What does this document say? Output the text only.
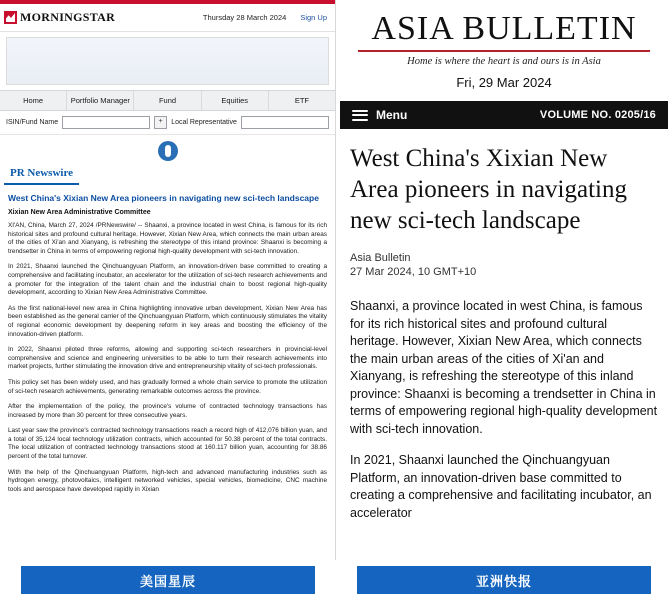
MORNINGSTAR	Thursday 28 March 2024 Sign Up
Home	Portfolio Manager	Fund	Equities	ETF
ISIN/Fund Name	+	Local Representative
PR Newswire
West China's Xixian New Area pioneers in navigating new sci-tech landscape
Xixian New Area Administrative Committee

XI'AN, China, March 27, 2024 /PRNewswire/ -- Shaanxi, a province located in west China, is famous for its rich historical sites and profound cultural heritage. However, Xixian New Area, which connects the main urban areas of the cities of Xi'an and Xianyang, is refreshing the stereotype of this inland province: Shaanxi is becoming a trendsetter in China in terms of empowering regional high-quality development with sci-tech innovation.

In 2021, Shaanxi launched the Qinchuangyuan Platform, an innovation-driven base committed to creating a comprehensive and facilitating incubator, an accelerator for the utilization of sci-tech research achievements and a promoter for the integration of the talent chain and the industrial chain to boost regional high-quality development, according to Xixian New Area Administrative Committee.

As the first national-level new area in China highlighting innovative urban development, Xixian New Area has been established as the general carrier of the Qinchuangyuan Platform, which continuously stimulates the vitality of regional economic development by deepening reform in key areas and boosting the efficiency of the innovation-driven platform.

In 2022, Shaanxi piloted three reforms, allowing and supporting sci-tech researchers in provincial-level comprehensive and science and engineering universities to be able to turn their research achievements into market projects, further stimulating the innovation drive and entrepreneurship vitality of sci-tech professionals.

This policy set has been widely used, and has gradually formed a whole chain service to promote the utilization of sci-tech research achievements, generating remarkable outcomes across the province.

After the implementation of the policy, the province's volume of contracted technology transactions has increased by more than 30 percent for three consecutive years.

Last year saw the province's contracted technology transactions reach a record high of 412,076 billion yuan, and a total of 35,124 local technology utilization contracts, which accounted for 50.38 percent of the total contracts. The local utilization of contracted technology transactions stood at 160.117 billion yuan, accounting for 38.86 percent of the total turnover.

With the help of the Qinchuangyuan Platform, high-tech and advanced manufacturing industries such as hydrogen energy, photovoltaics, intelligent networked vehicles, special vehicles, biomedicine, CNC machine tools and aerospace have developed rapidly in Xixian

ASIA BULLETIN
Home is where the heart is and ours is in Asia
Fri, 29 Mar 2024
Menu	VOLUME NO. 0205/16
West China's Xixian New Area pioneers in navigating new sci-tech landscape
Asia Bulletin
27 Mar 2024, 10 GMT+10

Shaanxi, a province located in west China, is famous for its rich historical sites and profound cultural heritage. However, Xixian New Area, which connects the main urban areas of the cities of Xi'an and Xianyang, is refreshing the stereotype of this inland province: Shaanxi is becoming a trendsetter in China in terms of empowering regional high-quality development with sci-tech innovation.

In 2021, Shaanxi launched the Qinchuangyuan Platform, an innovation-driven base committed to creating a comprehensive and facilitating incubator, an accelerator

美国星辰	亚洲快报
